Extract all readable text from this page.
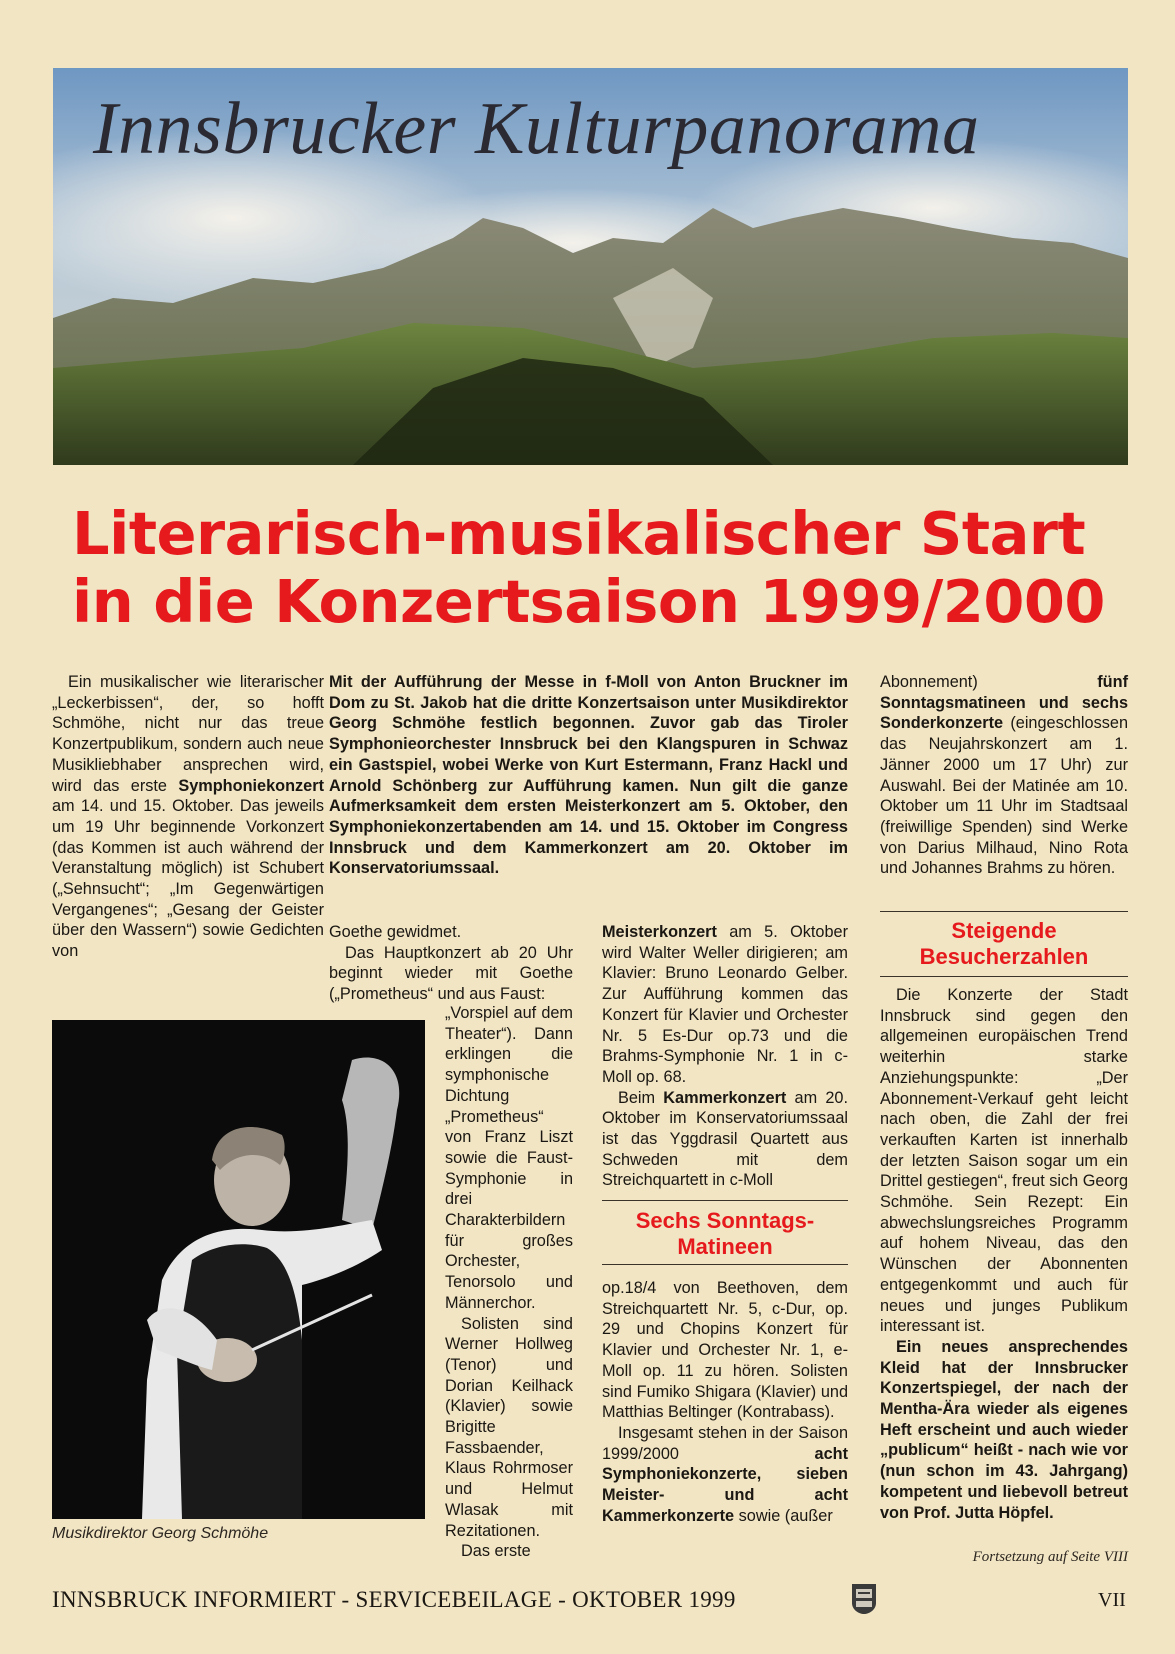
Innsbrucker Kulturpanorama
Literarisch-musikalischer Start
in die Konzertsaison 1999/2000

Ein musikalischer wie literarischer „Leckerbissen“, der, so hofft Schmöhe, nicht nur das treue Konzertpublikum, sondern auch neue Musikliebhaber ansprechen wird, wird das erste Symphoniekonzert am 14. und 15. Oktober. Das jeweils um 19 Uhr beginnende Vorkonzert (das Kommen ist auch während der Veranstaltung möglich) ist Schubert („Sehnsucht“; „Im Gegenwärtigen Vergangenes“; „Gesang der Geister über den Wassern“) sowie Gedichten von

Mit der Aufführung der Messe in f-Moll von Anton Bruckner im Dom zu St. Jakob hat die dritte Konzertsaison unter Musikdirektor Georg Schmöhe festlich begonnen. Zuvor gab das Tiroler Symphonieorchester Innsbruck bei den Klangspuren in Schwaz ein Gastspiel, wobei Werke von Kurt Estermann, Franz Hackl und Arnold Schönberg zur Aufführung kamen. Nun gilt die ganze Aufmerksamkeit dem ersten Meisterkonzert am 5. Oktober, den Symphoniekonzertabenden am 14. und 15. Oktober im Congress Innsbruck und dem Kammerkonzert am 20. Oktober im Konservatoriumssaal.

Goethe gewidmet.

Das Hauptkonzert ab 20 Uhr beginnt wieder mit Goethe („Prometheus“ und aus Faust:

„Vorspiel auf dem Theater“). Dann erklingen die symphonische Dichtung „Prometheus“ von Franz Liszt sowie die Faust-Symphonie in drei Charakterbildern für großes Orchester, Tenorsolo und Männerchor.

Solisten sind Werner Hollweg (Tenor) und Dorian Keilhack (Klavier) sowie Brigitte Fassbaender, Klaus Rohrmoser und Helmut Wlasak mit Rezitationen.

Das erste

Musikdirektor Georg Schmöhe

Meisterkonzert am 5. Oktober wird Walter Weller dirigieren; am Klavier: Bruno Leonardo Gelber. Zur Aufführung kommen das Konzert für Klavier und Orchester Nr. 5 Es-Dur op.73 und die Brahms-Symphonie Nr. 1 in c-Moll op. 68.

Beim Kammerkonzert am 20. Oktober im Konservatoriumssaal ist das Yggdrasil Quartett aus Schweden mit dem Streichquartett in c-Moll

Sechs Sonntags-Matineen

op.18/4 von Beethoven, dem Streichquartett Nr. 5, c-Dur, op. 29 und Chopins Konzert für Klavier und Orchester Nr. 1, e-Moll op. 11 zu hören. Solisten sind Fumiko Shigara (Klavier) und Matthias Beltinger (Kontrabass).

Insgesamt stehen in der Saison 1999/2000 acht Symphoniekonzerte, sieben Meister- und acht Kammerkonzerte sowie (außer

Abonnement) fünf Sonntagsmatineen und sechs Sonderkonzerte (eingeschlossen das Neujahrskonzert am 1. Jänner 2000 um 17 Uhr) zur Auswahl. Bei der Matinée am 10. Oktober um 11 Uhr im Stadtsaal (freiwillige Spenden) sind Werke von Darius Milhaud, Nino Rota und Johannes Brahms zu hören.

Steigende Besucherzahlen

Die Konzerte der Stadt Innsbruck sind gegen den allgemeinen europäischen Trend weiterhin starke Anziehungspunkte: „Der Abonnement-Verkauf geht leicht nach oben, die Zahl der frei verkauften Karten ist innerhalb der letzten Saison sogar um ein Drittel gestiegen“, freut sich Georg Schmöhe. Sein Rezept: Ein abwechslungsreiches Programm auf hohem Niveau, das den Wünschen der Abonnenten entgegenkommt und auch für neues und junges Publikum interessant ist.

Ein neues ansprechendes Kleid hat der Innsbrucker Konzertspiegel, der nach der Mentha-Ära wieder als eigenes Heft erscheint und auch wieder „publicum“ heißt - nach wie vor (nun schon im 43. Jahrgang) kompetent und liebevoll betreut von Prof. Jutta Höpfel.

Fortsetzung auf Seite VIII
INNSBRUCK INFORMIERT - SERVICEBEILAGE - OKTOBER 1999	VII
